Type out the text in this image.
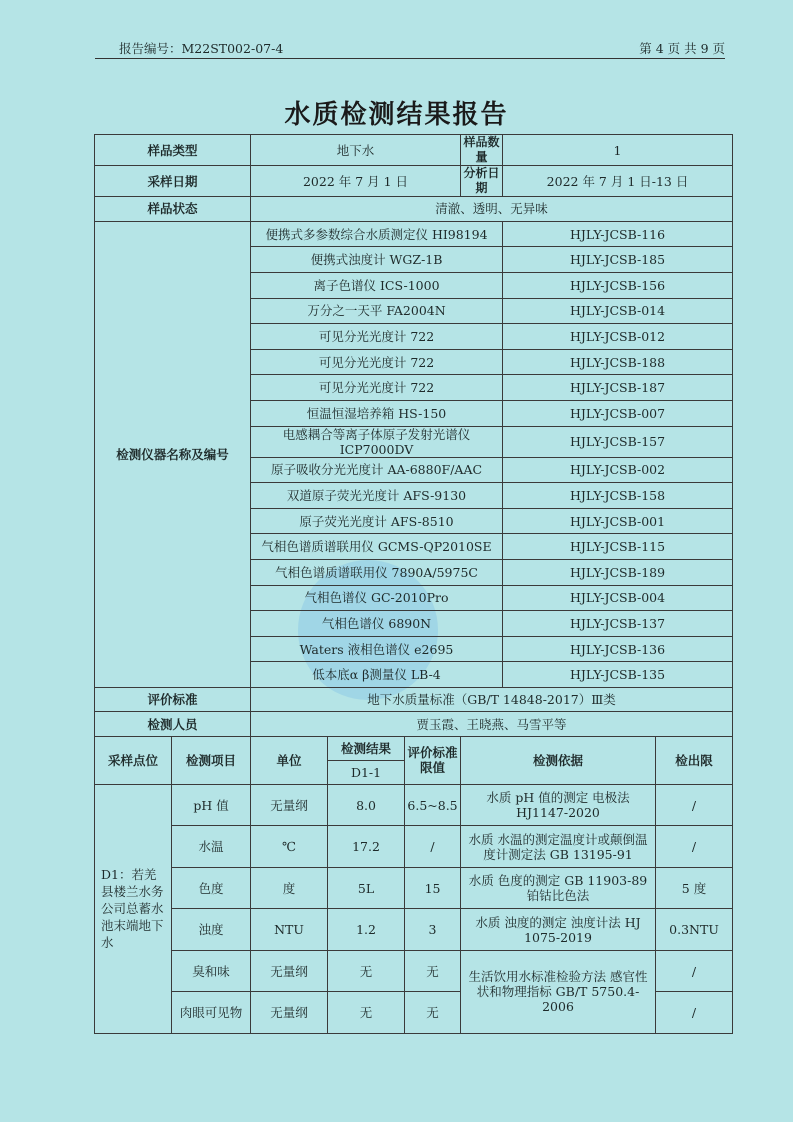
报告编号：M22ST002-07-4	第 4 页 共 9 页
水质检测结果报告
样品类型		地下水			样品数量	1	
采样日期		2022 年 7 月 1 日			分析日期	2022 年 7 月 1 日-13 日	
样品状态		清澈、透明、无异味					
检测仪器名称及编号		便携式多参数综合水质测定仪 HI98194				HJLY-JCSB-116	
		便携式浊度计 WGZ-1B				HJLY-JCSB-185	
		离子色谱仪 ICS-1000				HJLY-JCSB-156	
		万分之一天平 FA2004N				HJLY-JCSB-014	
		可见分光光度计 722				HJLY-JCSB-012	
		可见分光光度计 722				HJLY-JCSB-188	
		可见分光光度计 722				HJLY-JCSB-187	
		恒温恒湿培养箱 HS-150				HJLY-JCSB-007	
		电感耦合等离子体原子发射光谱仪 ICP7000DV				HJLY-JCSB-157	
		原子吸收分光光度计 AA-6880F/AAC				HJLY-JCSB-002	
		双道原子荧光光度计 AFS-9130				HJLY-JCSB-158	
		原子荧光光度计 AFS-8510				HJLY-JCSB-001	
		气相色谱质谱联用仪 GCMS-QP2010SE				HJLY-JCSB-115	
		气相色谱质谱联用仪 7890A/5975C				HJLY-JCSB-189	
		气相色谱仪 GC-2010Pro				HJLY-JCSB-004	
		气相色谱仪 6890N				HJLY-JCSB-137	
		Waters 液相色谱仪 e2695				HJLY-JCSB-136	
		低本底α β测量仪 LB-4				HJLY-JCSB-135	
评价标准		地下水质量标准（GB/T 14848-2017）Ⅲ类					
检测人员		贾玉霞、王晓燕、马雪平等					
采样点位	检测项目	单位	检测结果	评价标准限值	检测依据		检出限
			D1-1				
D1：若羌县楼兰水务公司总蓄水池末端地下水	pH 值	无量纲	8.0	6.5~8.5	水质 pH 值的测定 电极法 HJ1147-2020		/
	水温	℃	17.2	/	水质 水温的测定温度计或颠倒温度计测定法 GB 13195-91		/
	色度	度	5L	15	水质 色度的测定 GB 11903-89 铂钴比色法		5 度
	浊度	NTU	1.2	3	水质 浊度的测定 浊度计法 HJ 1075-2019		0.3NTU
	臭和味	无量纲	无	无	生活饮用水标准检验方法 感官性状和物理指标 GB/T 5750.4-2006		/
	肉眼可见物	无量纲	无	无			/
